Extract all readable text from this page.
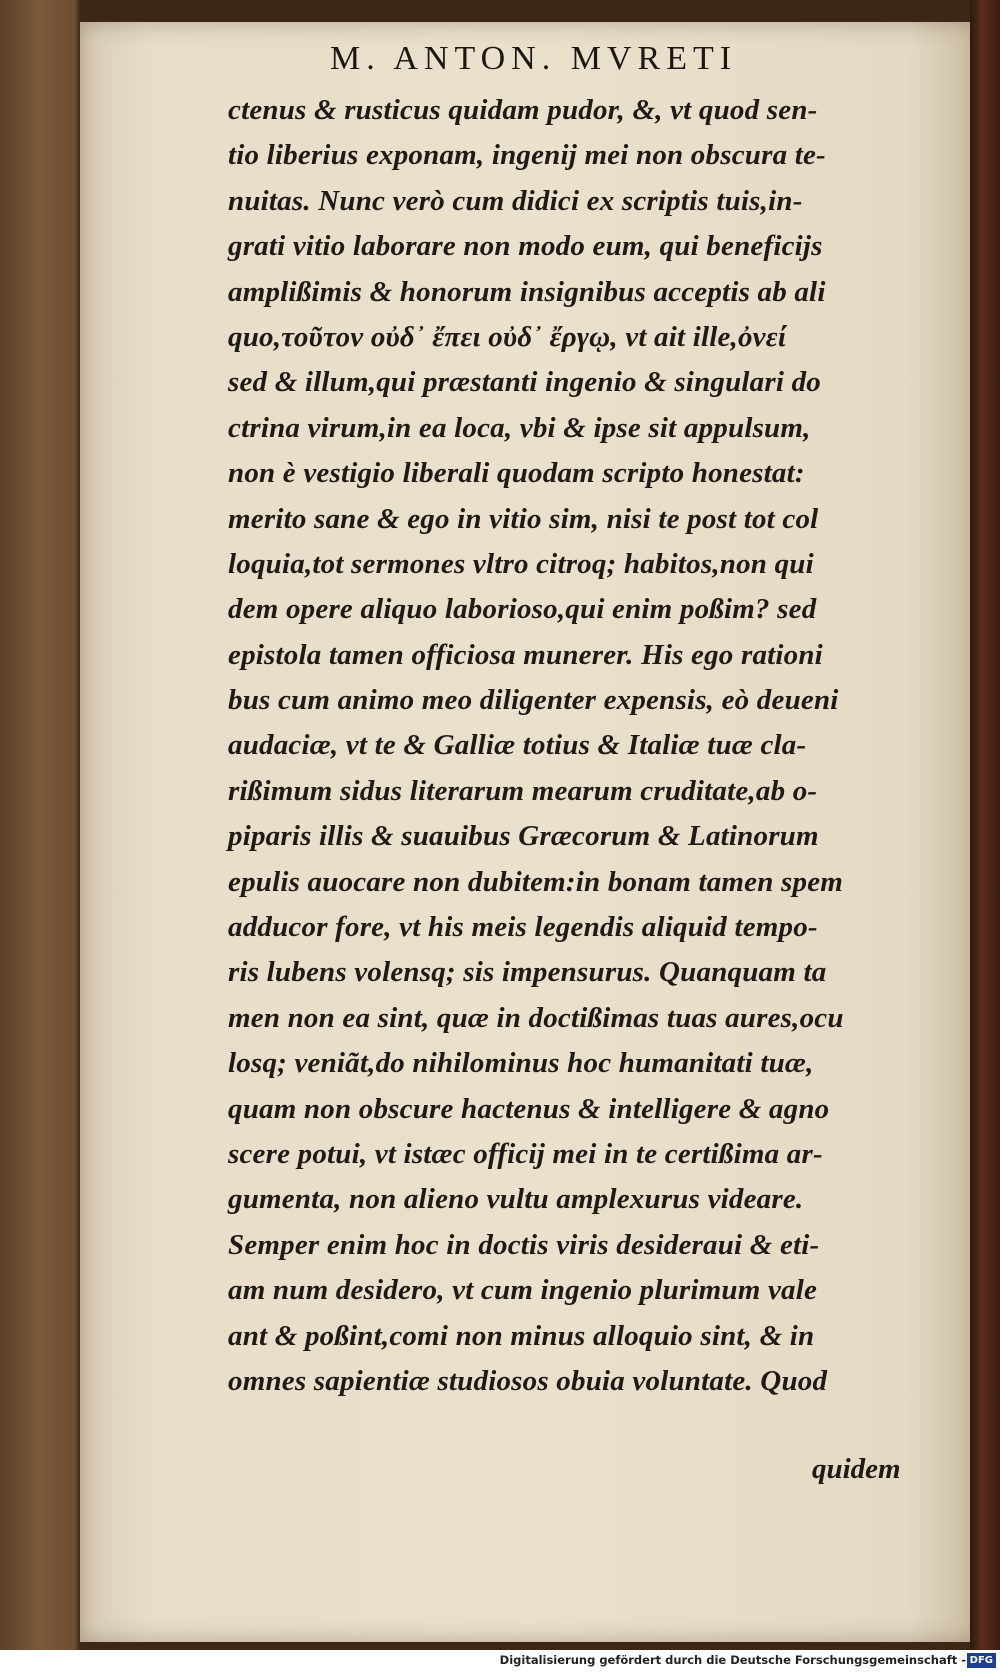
M. ANTON. MVRETI
ctenus & rusticus quidam pudor, &, vt quod sen-
tio liberius exponam, ingenij mei non obscura te-
nuitas. Nunc verò cum didici ex scriptis tuis,in-
grati vitio laborare non modo eum, qui beneficijs
amplißimis & honorum insignibus acceptis ab ali
quo,τοῦτον οὐδ᾽ ἔπει οὐδ᾽ ἔργῳ, vt ait ille,ὀνεί
sed & illum,qui præstanti ingenio & singulari do
ctrina virum,in ea loca, vbi & ipse sit appulsum,
non è vestigio liberali quodam scripto honestat:
merito sane & ego in vitio sim, nisi te post tot col
loquia,tot sermones vltro citroq; habitos,non qui
dem opere aliquo laborioso,qui enim poßim? sed
epistola tamen officiosa munerer. His ego rationi
bus cum animo meo diligenter expensis, eò deueni
audaciæ, vt te & Galliæ totius & Italiæ tuæ cla-
rißimum sidus literarum mearum cruditate,ab o-
piparis illis & suauibus Græcorum & Latinorum
epulis auocare non dubitem:in bonam tamen spem
adducor fore, vt his meis legendis aliquid tempo-
ris lubens volensq; sis impensurus. Quanquam ta
men non ea sint, quæ in doctißimas tuas aures,ocu
losq; veniãt,do nihilominus hoc humanitati tuæ,
quam non obscure hactenus & intelligere & agno
scere potui, vt istæc officij mei in te certißima ar-
gumenta, non alieno vultu amplexurus videare.
Semper enim hoc in doctis viris desideraui & eti-
am num desidero, vt cum ingenio plurimum vale
ant & poßint,comi non minus alloquio sint, & in
omnes sapientiæ studiosos obuia voluntate. Quod
quidem
Digitalisierung gefördert durch die Deutsche Forschungsgemeinschaft - DFG
